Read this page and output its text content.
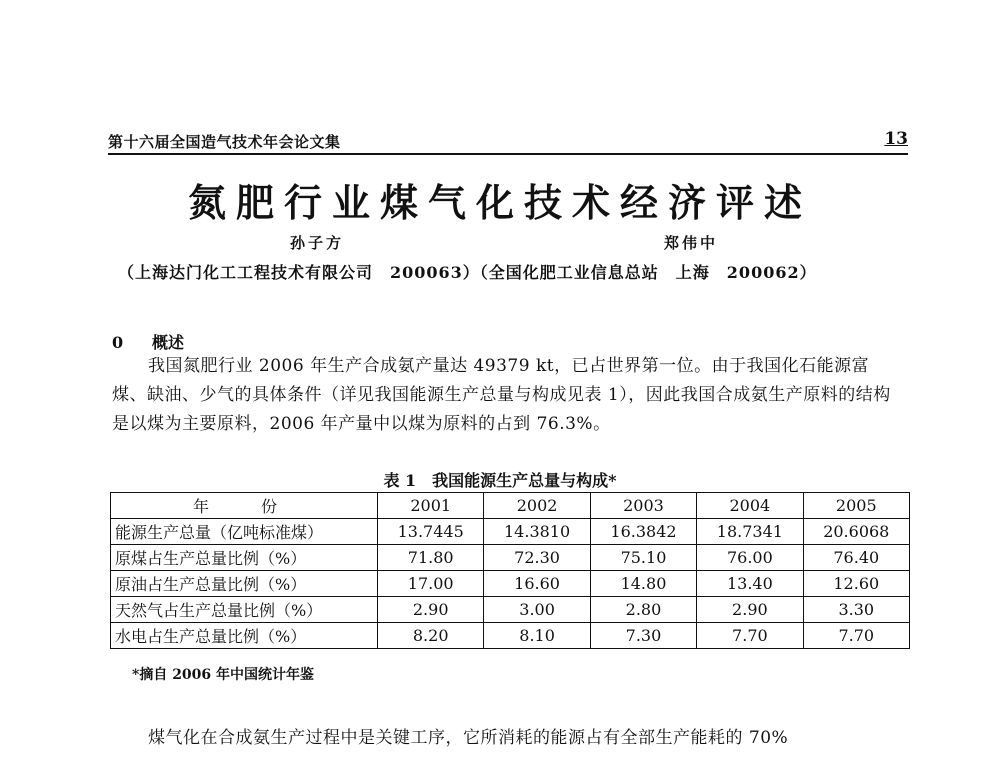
第十六届全国造气技术年会论文集	13
氮肥行业煤气化技术经济评述
孙子方	郑伟中
（上海达门化工工程技术有限公司　200063）（全国化肥工业信息总站　上海　200062）
0 概述
我国氮肥行业 2006 年生产合成氨产量达 49379 kt，已占世界第一位。由于我国化石能源富煤、缺油、少气的具体条件（详见我国能源生产总量与构成见表 1），因此我国合成氨生产原料的结构是以煤为主要原料，2006 年产量中以煤为原料的占到 76.3%。
表 1　我国能源生产总量与构成*
年　份	2001	2002	2003	2004	2005
能源生产总量（亿吨标准煤）	13.7445	14.3810	16.3842	18.7341	20.6068
原煤占生产总量比例（%）	71.80	72.30	75.10	76.00	76.40
原油占生产总量比例（%）	17.00	16.60	14.80	13.40	12.60
天然气占生产总量比例（%）	2.90	3.00	2.80	2.90	3.30
水电占生产总量比例（%）	8.20	8.10	7.30	7.70	7.70
*摘自 2006 年中国统计年鉴
煤气化在合成氨生产过程中是关键工序，它所消耗的能源占有全部生产能耗的 70%
